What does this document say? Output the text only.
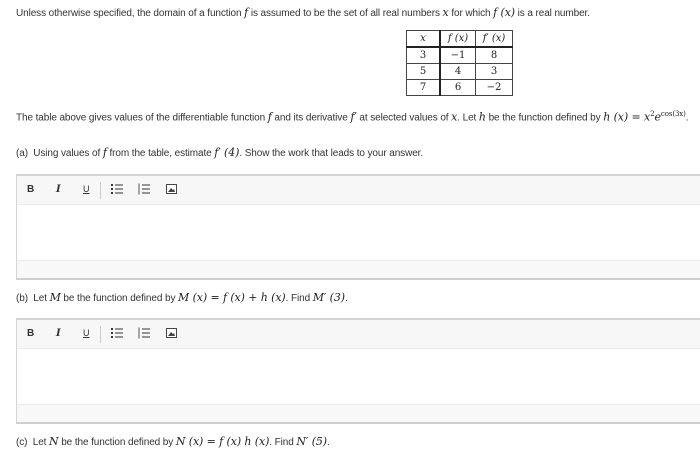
Unless otherwise specified, the domain of a function f is assumed to be the set of all real numbers x for which f (x) is a real number.
x	f (x)	f′ (x)
3	−1	8
5	4	3
7	6	−2
The table above gives values of the differentiable function f and its derivative f′ at selected values of x. Let h be the function defined by h $(x) = x^2e^{cos(3x)}$.
(a) Using values of f from the table, estimate f′ (4). Show the work that leads to your answer.
B I U
(b) Let M be the function defined by M (x) = f (x) + h (x). Find M′ (3).
B I U
(c) Let N be the function defined by N (x) = f (x) h (x). Find N′ (5).
